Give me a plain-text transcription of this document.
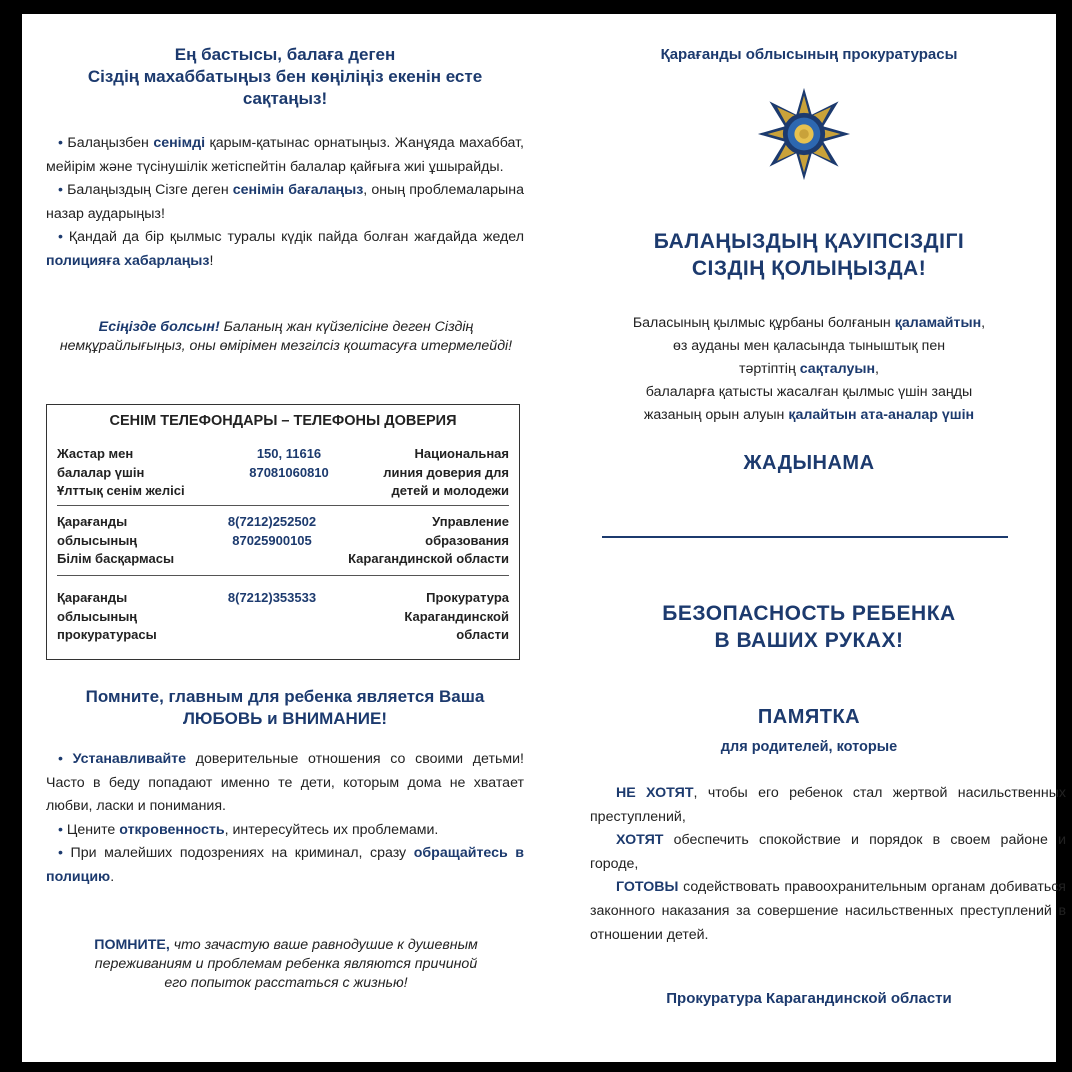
Ең бастысы, балаға деген
Сіздің махаббатыңыз бен көңіліңіз екенін есте
сақтаңыз!
• Балаңызбен сенімді қарым-қатынас орнатыңыз. Жанұяда махаббат, мейірім және түсінушілік жетіспейтін балалар қайғыға жиі ұшырайды.
• Балаңыздың Сізге деген сенімін бағалаңыз, оның проблемаларына назар аударыңыз!
• Қандай да бір қылмыс туралы күдік пайда болған жағдайда жедел полицияға хабарлаңыз!
Есіңізде болсын! Баланың жан күйзелісіне деген Сіздің немқұрайлығыңыз, оны өмірімен мезгілсіз қоштасуға итермелейді!
СЕНІМ ТЕЛЕФОНДАРЫ – ТЕЛЕФОНЫ ДОВЕРИЯ
Жастар мен
балалар үшін
Ұлттық сенім желісі
150, 11616
87081060810
Национальная
линия доверия для
детей и молодежи
Қарағанды
облысының
Білім басқармасы
8(7212)252502
87025900105
Управление
образования
Карагандинской области
Қарағанды
облысының
прокуратурасы
8(7212)353533	Прокуратура
Карагандинской
области
Помните, главным для ребенка является Ваша
ЛЮБОВЬ и ВНИМАНИЕ!
• Устанавливайте доверительные отношения со своими детьми! Часто в беду попадают именно те дети, которым дома не хватает любви, ласки и понимания.
• Цените откровенность, интересуйтесь их проблемами.
• При малейших подозрениях на криминал, сразу обращайтесь в полицию.
ПОМНИТЕ, что зачастую ваше равнодушие к душевным переживаниям и проблемам ребенка являются причиной его попыток расстаться с жизнью!
Қарағанды облысының прокуратурасы
БАЛАҢЫЗДЫҢ ҚАУІПСІЗДІГІ
СІЗДІҢ ҚОЛЫҢЫЗДА!
Баласының қылмыс құрбаны болғанын қаламайтын,
өз ауданы мен қаласында тыныштық пен
тәртіптің сақталуын,
балаларға қатысты жасалған қылмыс үшін заңды
жазаның орын алуын қалайтын ата-аналар үшін
ЖАДЫНАМА
БЕЗОПАСНОСТЬ РЕБЕНКА
В ВАШИХ РУКАХ!
ПАМЯТКА
для родителей, которые
НЕ ХОТЯТ, чтобы его ребенок стал жертвой насильственных преступлений,
ХОТЯТ обеспечить спокойствие и порядок в своем районе и городе,
ГОТОВЫ содействовать правоохранительным органам добиваться законного наказания за совершение насильственных преступлений в отношении детей.
Прокуратура Карагандинской области
